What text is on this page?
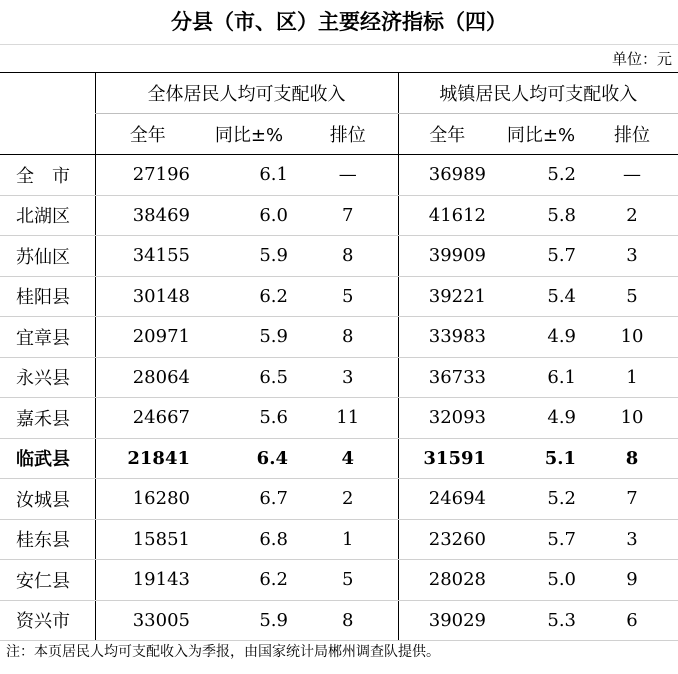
分县（市、区）主要经济指标（四）
单位：元
	全体居民人均可支配收入			城镇居民人均可支配收入		
	全年	同比±%	排位	全年	同比±%	排位
全　市	27196	6.1	—	36989	5.2	—
北湖区	38469	6.0	7	41612	5.8	2
苏仙区	34155	5.9	8	39909	5.7	3
桂阳县	30148	6.2	5	39221	5.4	5
宜章县	20971	5.9	8	33983	4.9	10
永兴县	28064	6.5	3	36733	6.1	1
嘉禾县	24667	5.6	11	32093	4.9	10
临武县	21841	6.4	4	31591	5.1	8
汝城县	16280	6.7	2	24694	5.2	7
桂东县	15851	6.8	1	23260	5.7	3
安仁县	19143	6.2	5	28028	5.0	9
资兴市	33005	5.9	8	39029	5.3	6
注：本页居民人均可支配收入为季报，由国家统计局郴州调查队提供。
